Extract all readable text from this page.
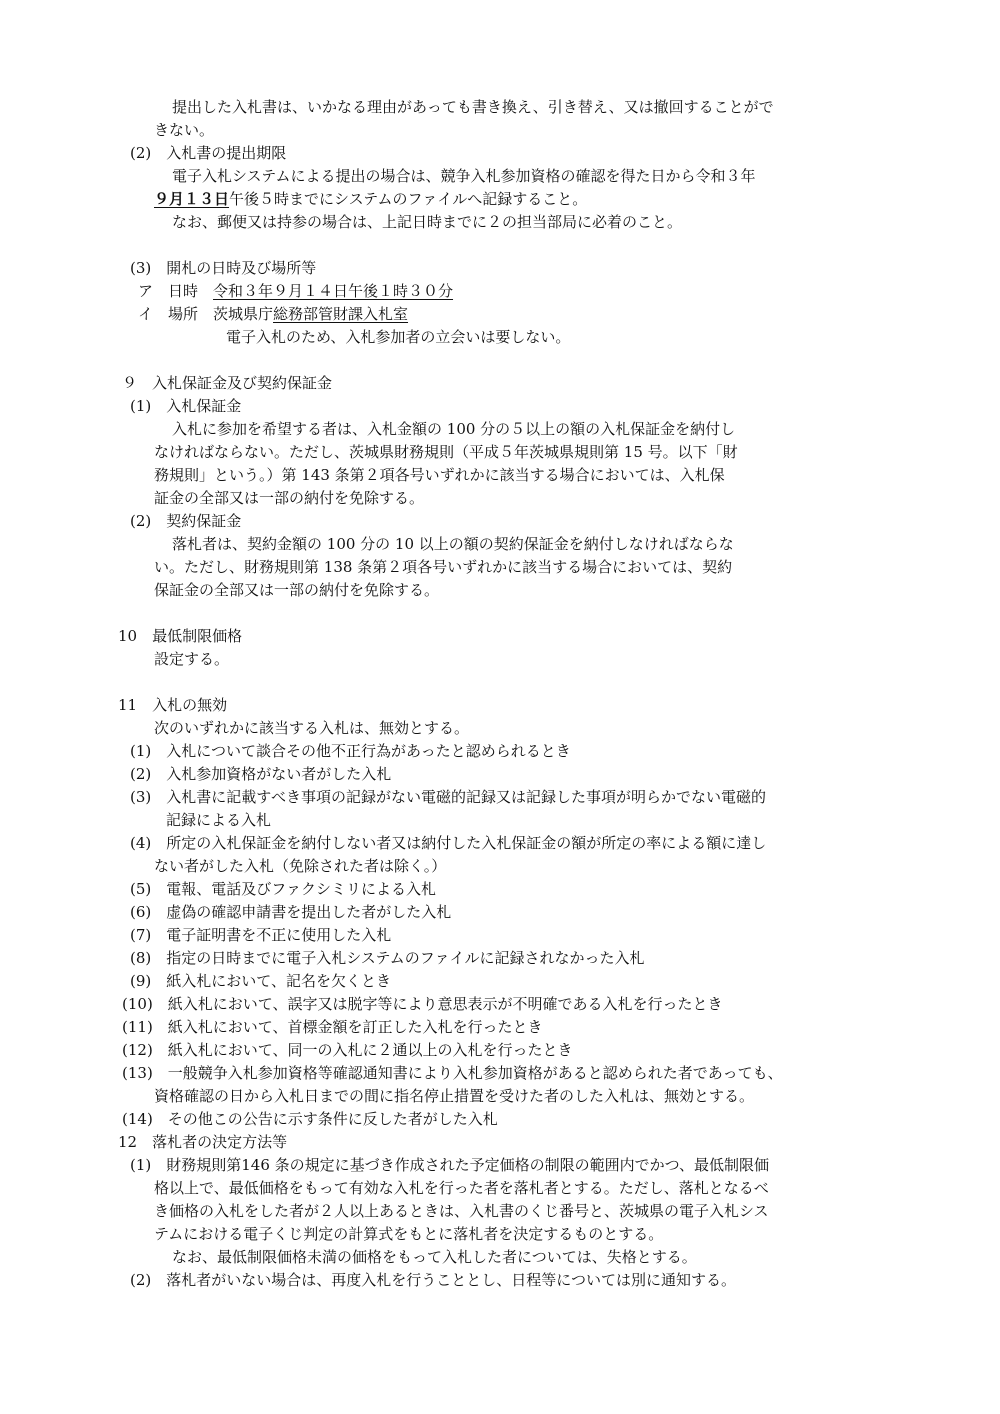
提出した入札書は、いかなる理由があっても書き換え、引き替え、又は撤回することがで
きない。
(2)　入札書の提出期限
電子入札システムによる提出の場合は、競争入札参加資格の確認を得た日から令和３年
９月１３日午後５時までにシステムのファイルへ記録すること。
なお、郵便又は持参の場合は、上記日時までに２の担当部局に必着のこと。
(3)　開札の日時及び場所等
ア　日時　令和３年９月１４日午後１時３０分
イ　場所　茨城県庁総務部管財課入札室
電子入札のため、入札参加者の立会いは要しない。
９　入札保証金及び契約保証金
(1)　入札保証金
入札に参加を希望する者は、入札金額の 100 分の５以上の額の入札保証金を納付し
なければならない。ただし、茨城県財務規則（平成５年茨城県規則第 15 号。以下「財
務規則」という。）第 143 条第２項各号いずれかに該当する場合においては、入札保
証金の全部又は一部の納付を免除する。
(2)　契約保証金
落札者は、契約金額の 100 分の 10 以上の額の契約保証金を納付しなければならな
い。ただし、財務規則第 138 条第２項各号いずれかに該当する場合においては、契約
保証金の全部又は一部の納付を免除する。
10　最低制限価格
設定する。
11　入札の無効
次のいずれかに該当する入札は、無効とする。
(1)　入札について談合その他不正行為があったと認められるとき
(2)　入札参加資格がない者がした入札
(3)　入札書に記載すべき事項の記録がない電磁的記録又は記録した事項が明らかでない電磁的
記録による入札
(4)　所定の入札保証金を納付しない者又は納付した入札保証金の額が所定の率による額に達し
ない者がした入札（免除された者は除く。）
(5)　電報、電話及びファクシミリによる入札
(6)　虚偽の確認申請書を提出した者がした入札
(7)　電子証明書を不正に使用した入札
(8)　指定の日時までに電子入札システムのファイルに記録されなかった入札
(9)　紙入札において、記名を欠くとき
(10)　紙入札において、誤字又は脱字等により意思表示が不明確である入札を行ったとき
(11)　紙入札において、首標金額を訂正した入札を行ったとき
(12)　紙入札において、同一の入札に２通以上の入札を行ったとき
(13)　一般競争入札参加資格等確認通知書により入札参加資格があると認められた者であっても、
資格確認の日から入札日までの間に指名停止措置を受けた者のした入札は、無効とする。
(14)　その他この公告に示す条件に反した者がした入札
12　落札者の決定方法等
(1)　財務規則第146 条の規定に基づき作成された予定価格の制限の範囲内でかつ、最低制限価
格以上で、最低価格をもって有効な入札を行った者を落札者とする。ただし、落札となるべ
き価格の入札をした者が２人以上あるときは、入札書のくじ番号と、茨城県の電子入札シス
テムにおける電子くじ判定の計算式をもとに落札者を決定するものとする。
なお、最低制限価格未満の価格をもって入札した者については、失格とする。
(2)　落札者がいない場合は、再度入札を行うこととし、日程等については別に通知する。
